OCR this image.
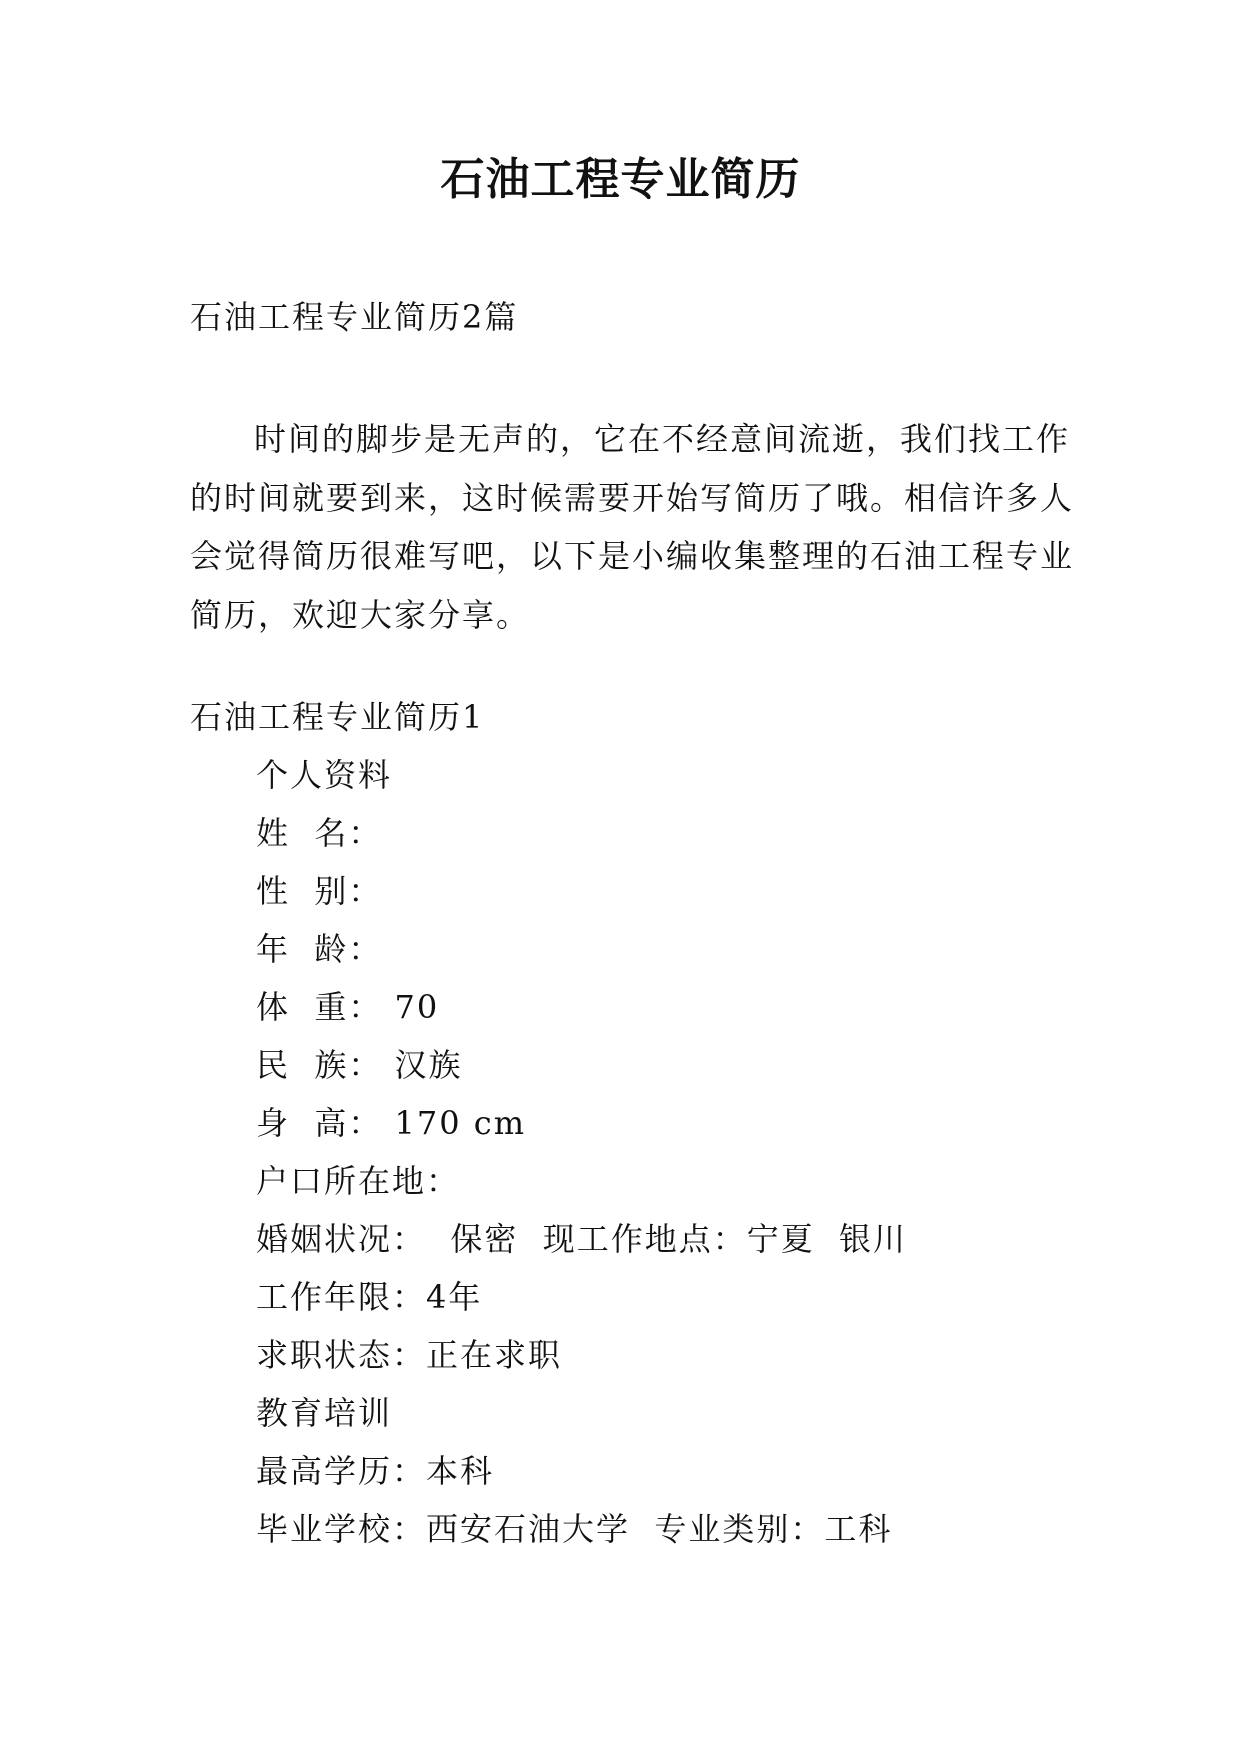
石油工程专业简历
石油工程专业简历2篇
时间的脚步是无声的，它在不经意间流逝，我们找工作
的时间就要到来，这时候需要开始写简历了哦。相信许多人
会觉得简历很难写吧，以下是小编收集整理的石油工程专业
简历，欢迎大家分享。
石油工程专业简历1
个人资料
姓  名：
性  别：
年  龄：
体  重： 70
民  族： 汉族
身  高： 170 cm
户口所在地：
婚姻状况：  保密  现工作地点：宁夏  银川
工作年限：4年
求职状态：正在求职
教育培训
最高学历：本科
毕业学校：西安石油大学  专业类别：工科
